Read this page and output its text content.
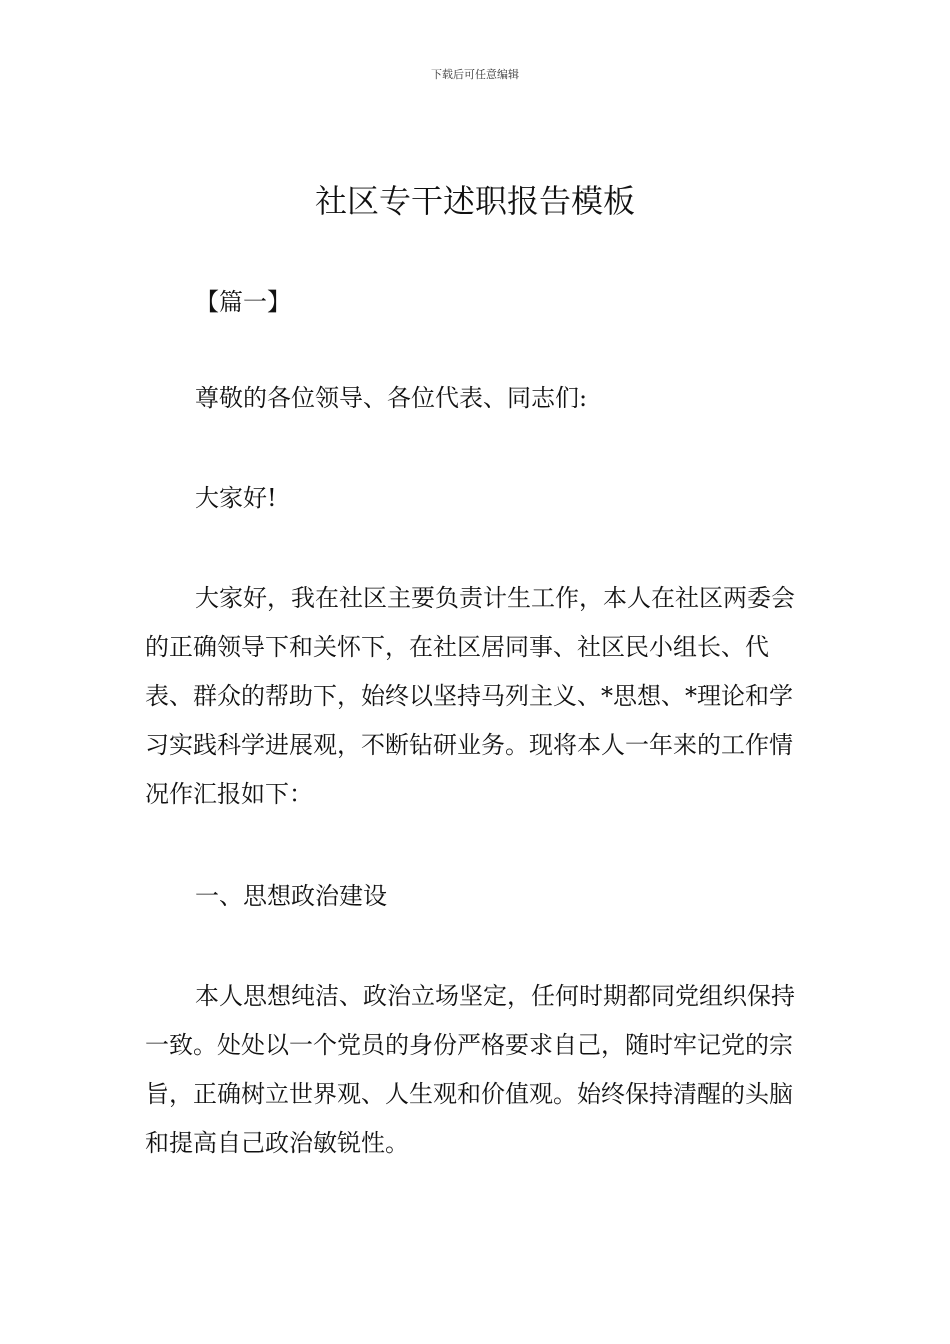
下载后可任意编辑
社区专干述职报告模板

【篇一】

尊敬的各位领导、各位代表、同志们:

大家好!

大家好，我在社区主要负责计生工作，本人在社区两委会的正确领导下和关怀下，在社区居同事、社区民小组长、代表、群众的帮助下，始终以坚持马列主义、*思想、*理论和学习实践科学进展观，不断钻研业务。现将本人一年来的工作情况作汇报如下：

一、思想政治建设

本人思想纯洁、政治立场坚定，任何时期都同党组织保持一致。处处以一个党员的身份严格要求自己，随时牢记党的宗旨，正确树立世界观、人生观和价值观。始终保持清醒的头脑和提高自己政治敏锐性。
